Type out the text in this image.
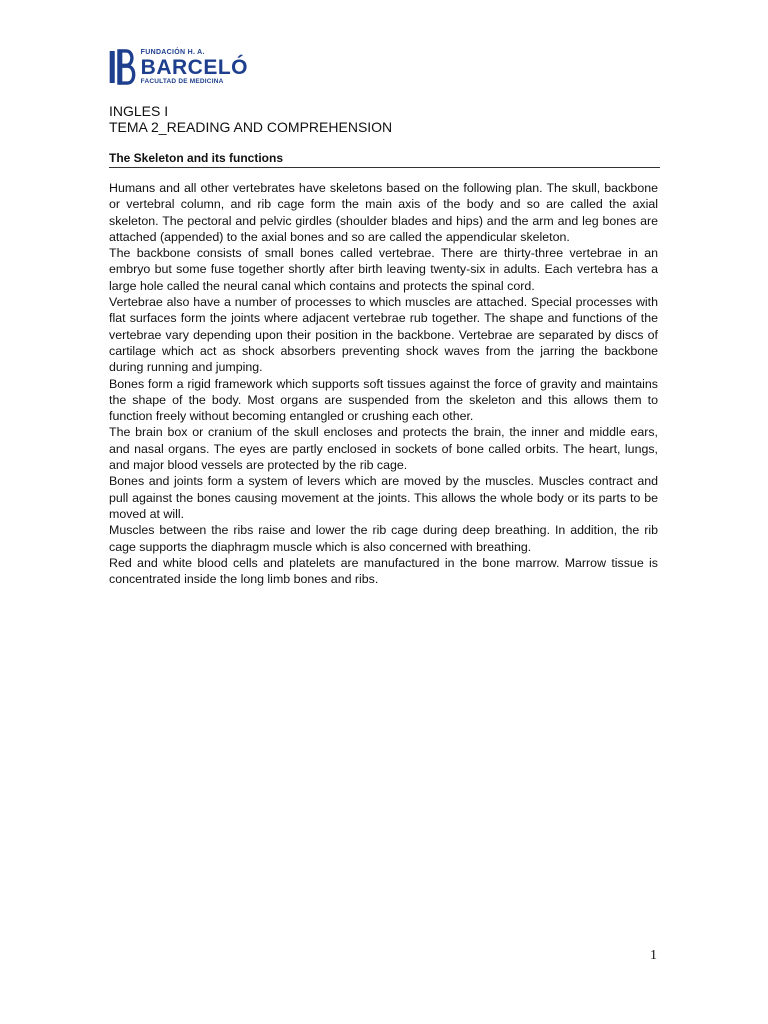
FUNDACIÓN H. A.
BARCELÓ
FACULTAD DE MEDICINA
INGLES I
TEMA 2_READING AND COMPREHENSION
The Skeleton and its functions

Humans and all other vertebrates have skeletons based on the following plan. The skull, backbone or vertebral column, and rib cage form the main axis of the body and so are called the axial skeleton. The pectoral and pelvic girdles (shoulder blades and hips) and the arm and leg bones are attached (appended) to the axial bones and so are called the appendicular skeleton.

The backbone consists of small bones called vertebrae. There are thirty-three vertebrae in an embryo but some fuse together shortly after birth leaving twenty-six in adults. Each vertebra has a large hole called the neural canal which contains and protects the spinal cord.

Vertebrae also have a number of processes to which muscles are attached. Special processes with flat surfaces form the joints where adjacent vertebrae rub together. The shape and functions of the vertebrae vary depending upon their position in the backbone. Vertebrae are separated by discs of cartilage which act as shock absorbers preventing shock waves from the jarring the backbone during running and jumping.

Bones form a rigid framework which supports soft tissues against the force of gravity and maintains the shape of the body. Most organs are suspended from the skeleton and this allows them to function freely without becoming entangled or crushing each other.

The brain box or cranium of the skull encloses and protects the brain, the inner and middle ears, and nasal organs. The eyes are partly enclosed in sockets of bone called orbits. The heart, lungs, and major blood vessels are protected by the rib cage.

Bones and joints form a system of levers which are moved by the muscles. Muscles contract and pull against the bones causing movement at the joints. This allows the whole body or its parts to be moved at will.

Muscles between the ribs raise and lower the rib cage during deep breathing. In addition, the rib cage supports the diaphragm muscle which is also concerned with breathing.

Red and white blood cells and platelets are manufactured in the bone marrow. Marrow tissue is concentrated inside the long limb bones and ribs.

1
